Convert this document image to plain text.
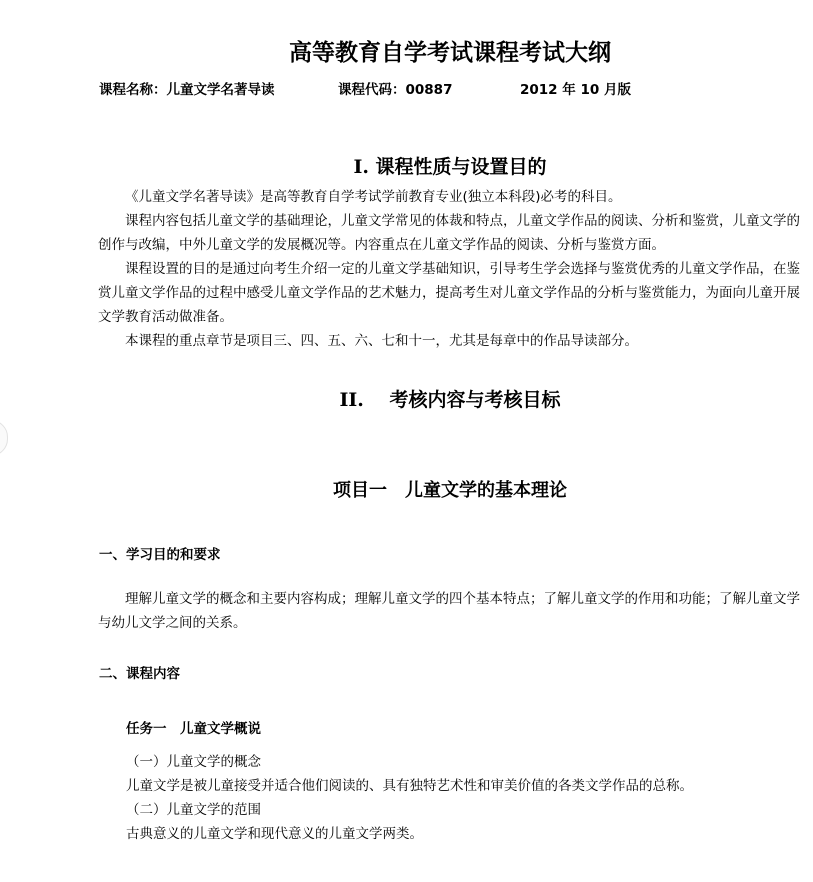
高等教育自学考试课程考试大纲
课程名称：儿童文学名著导读	课程代码：00887	2012 年 10 月版
I. 课程性质与设置目的

《儿童文学名著导读》是高等教育自学考试学前教育专业(独立本科段)必考的科目。

课程内容包括儿童文学的基础理论，儿童文学常见的体裁和特点，儿童文学作品的阅读、分析和鉴赏，儿童文学的创作与改编，中外儿童文学的发展概况等。内容重点在儿童文学作品的阅读、分析与鉴赏方面。

课程设置的目的是通过向考生介绍一定的儿童文学基础知识，引导考生学会选择与鉴赏优秀的儿童文学作品，在鉴赏儿童文学作品的过程中感受儿童文学作品的艺术魅力，提高考生对儿童文学作品的分析与鉴赏能力，为面向儿童开展文学教育活动做准备。

本课程的重点章节是项目三、四、五、六、七和十一，尤其是每章中的作品导读部分。

II.　 考核内容与考核目标
项目一　儿童文学的基本理论
一、学习目的和要求

理解儿童文学的概念和主要内容构成；理解儿童文学的四个基本特点；了解儿童文学的作用和功能；了解儿童文学与幼儿文学之间的关系。

二、课程内容
任务一　儿童文学概说
（一）儿童文学的概念
儿童文学是被儿童接受并适合他们阅读的、具有独特艺术性和审美价值的各类文学作品的总称。
（二）儿童文学的范围
古典意义的儿童文学和现代意义的儿童文学两类。
